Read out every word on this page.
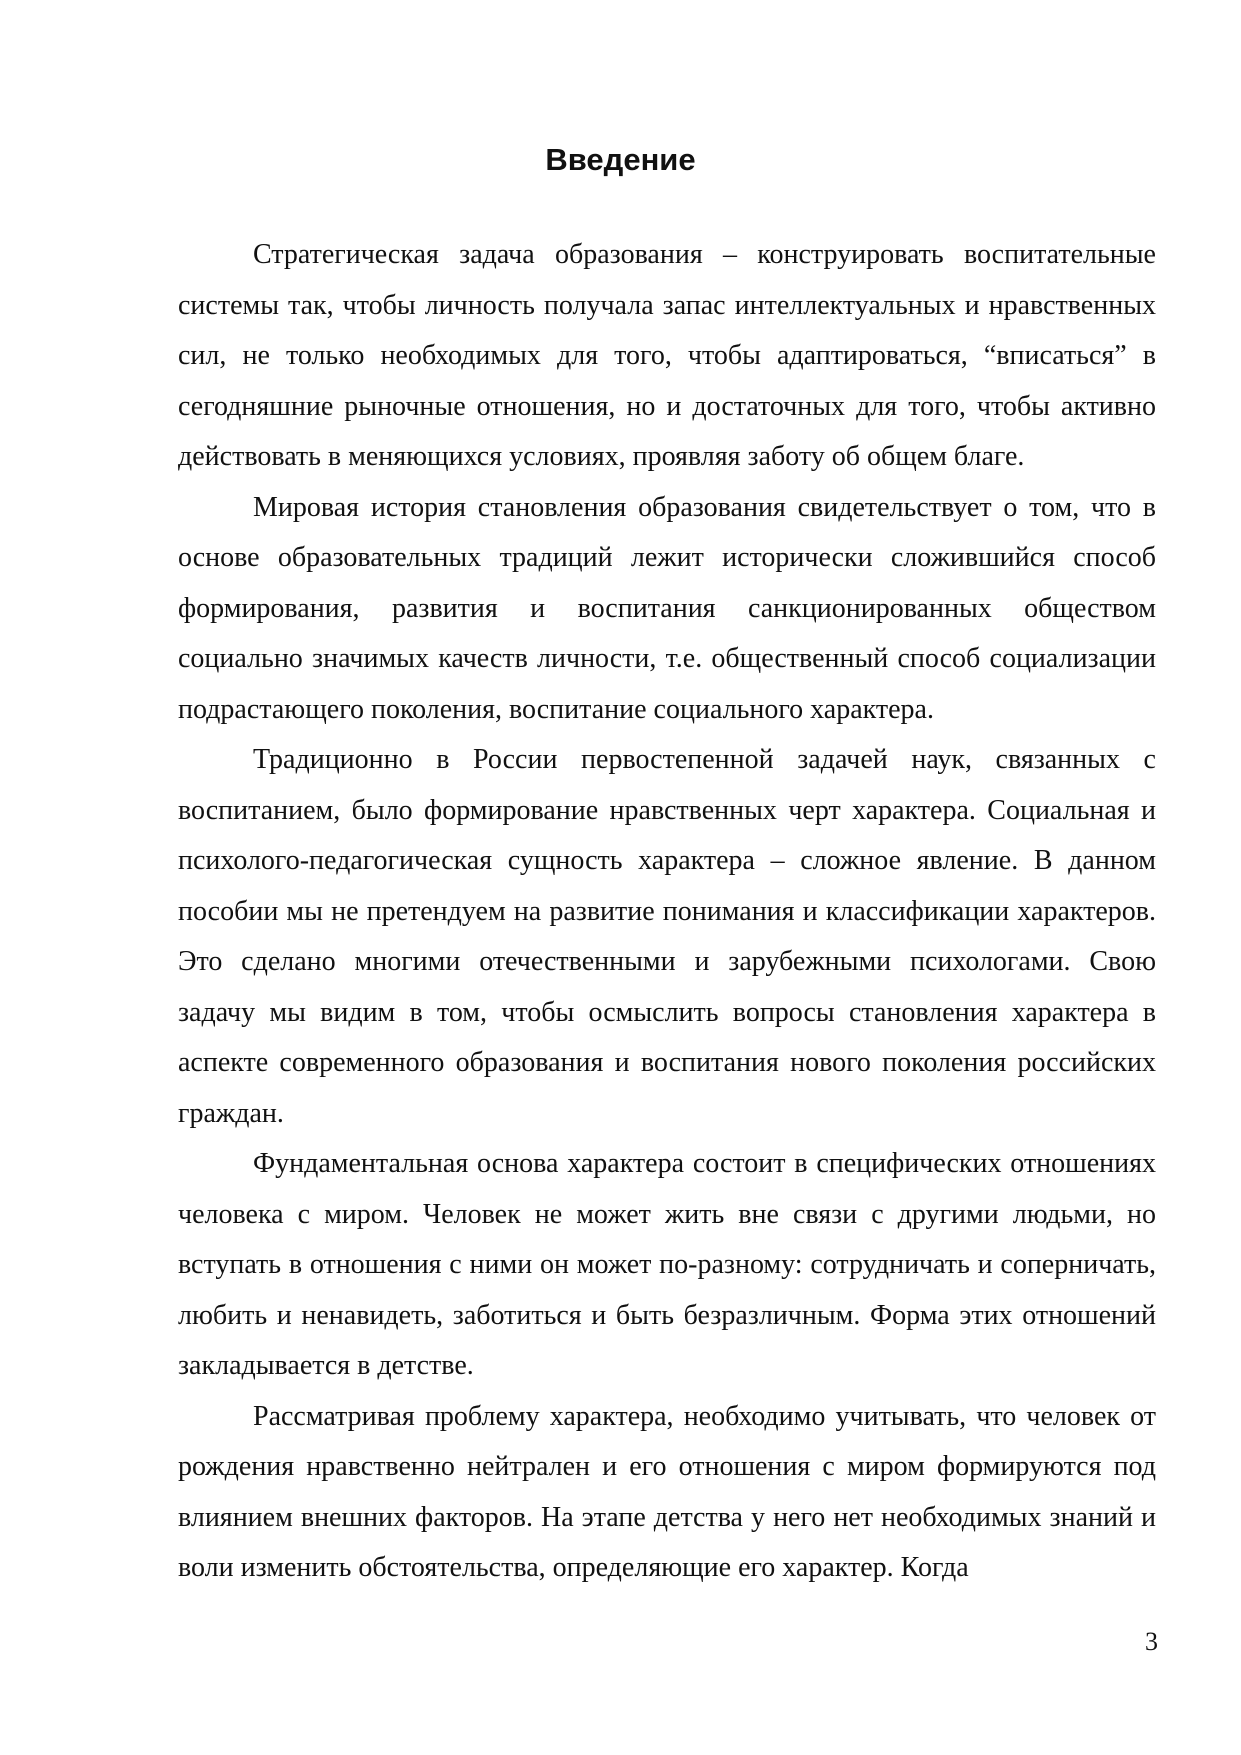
Введение

Стратегическая задача образования – конструировать воспитательные системы так, чтобы личность получала запас интеллектуальных и нравственных сил, не только необходимых для того, чтобы адаптироваться, “вписаться” в сегодняшние рыночные отношения, но и достаточных для того, чтобы активно действовать в меняющихся условиях, проявляя заботу об общем благе.

Мировая история становления образования свидетельствует о том, что в основе образовательных традиций лежит исторически сложившийся способ формирования, развития и воспитания санкционированных обществом социально значимых качеств личности, т.е. общественный способ социализации подрастающего поколения, воспитание социального характера.

Традиционно в России первостепенной задачей наук, связанных с воспитанием, было формирование нравственных черт характера. Социальная и психолого-педагогическая сущность характера – сложное явление. В данном пособии мы не претендуем на развитие понимания и классификации характеров. Это сделано многими отечественными и зарубежными психологами. Свою задачу мы видим в том, чтобы осмыслить вопросы становления характера в аспекте современного образования и воспитания нового поколения российских граждан.

Фундаментальная основа характера состоит в специфических отношениях человека с миром. Человек не может жить вне связи с другими людьми, но вступать в отношения с ними он может по-разному: сотрудничать и соперничать, любить и ненавидеть, заботиться и быть безразличным. Форма этих отношений закладывается в детстве.

Рассматривая проблему характера, необходимо учитывать, что человек от рождения нравственно нейтрален и его отношения с миром формируются под влиянием внешних факторов. На этапе детства у него нет необходимых знаний и воли изменить обстоятельства, определяющие его характер. Когда

3
